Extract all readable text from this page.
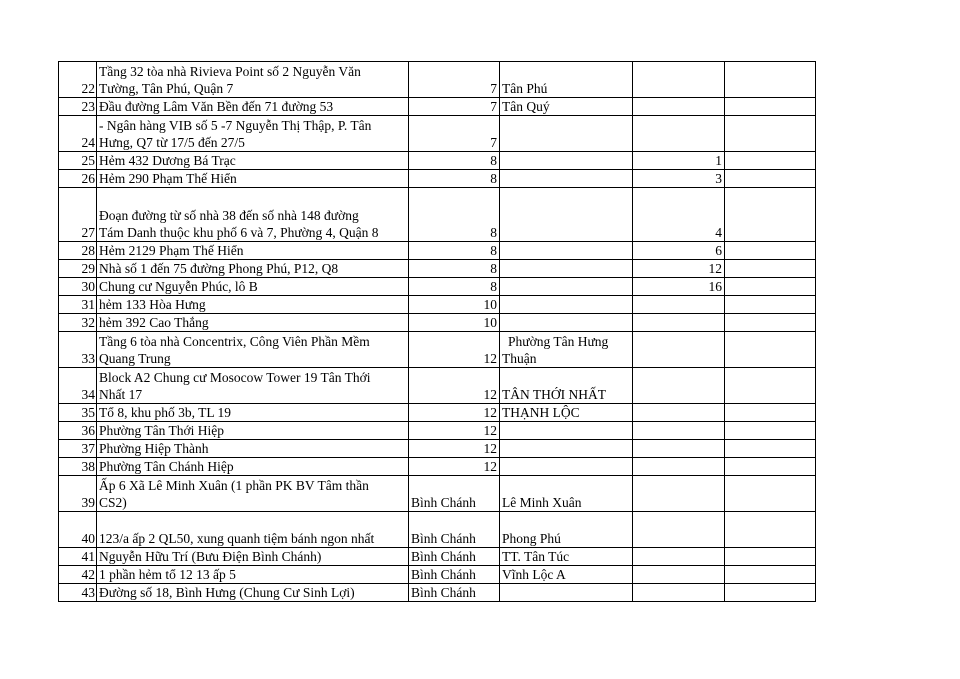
22	Tầng 32 tòa nhà Rivieva Point số 2 Nguyễn Văn
Tường, Tân Phú, Quận 7	7	Tân Phú		

23	Đầu đường Lâm Văn Bền đến 71 đường 53	7	Tân Quý		

24	- Ngân hàng VIB số 5 -7 Nguyễn Thị Thập, P. Tân
Hưng, Q7 từ 17/5 đến 27/5	7	

25	Hẻm 432 Dương Bá Trạc	8		1	
26	Hẻm 290 Phạm Thế Hiển	8		3	
27	Đoạn đường từ số nhà 38 đến số nhà 148 đường
Tám Danh thuộc khu phố 6 và 7, Phường 4, Quận 8	8		4	
28	Hẻm 2129 Phạm Thế Hiển	8		6	
29	Nhà số 1 đến 75 đường Phong Phú, P12, Q8	8		12	
30	Chung cư Nguyễn Phúc, lô B	8		16	
31	hẻm 133 Hòa Hưng	10	

32	hẻm 392 Cao Thắng	10	

33	Tầng 6 tòa nhà Concentrix, Công Viên Phần Mềm
Quang Trung	12	Phường Tân Hưng
Thuận		

34	Block A2 Chung cư Mosocow Tower 19 Tân Thới
Nhất 17	12	TÂN THỚI NHẤT		

35	Tổ 8, khu phố 3b, TL 19	12	THẠNH LỘC		

36	Phường Tân Thới Hiệp	12	

37	Phường Hiệp Thành	12	

38	Phường Tân Chánh Hiệp	12	

39	Ấp 6 Xã Lê Minh Xuân (1 phần PK BV Tâm thần
CS2)	Bình Chánh	Lê Minh Xuân		

40	123/a ấp 2 QL50, xung quanh tiệm bánh ngon nhất	Bình Chánh	Phong Phú		

41	Nguyễn Hữu Trí (Bưu Điện Bình Chánh)	Bình Chánh	TT. Tân Túc		

42	1 phần hẻm tổ 12 13 ấp 5	Bình Chánh	Vĩnh Lộc A		

43	Đường số 18, Bình Hưng (Chung Cư Sinh Lợi)	Bình Chánh	
